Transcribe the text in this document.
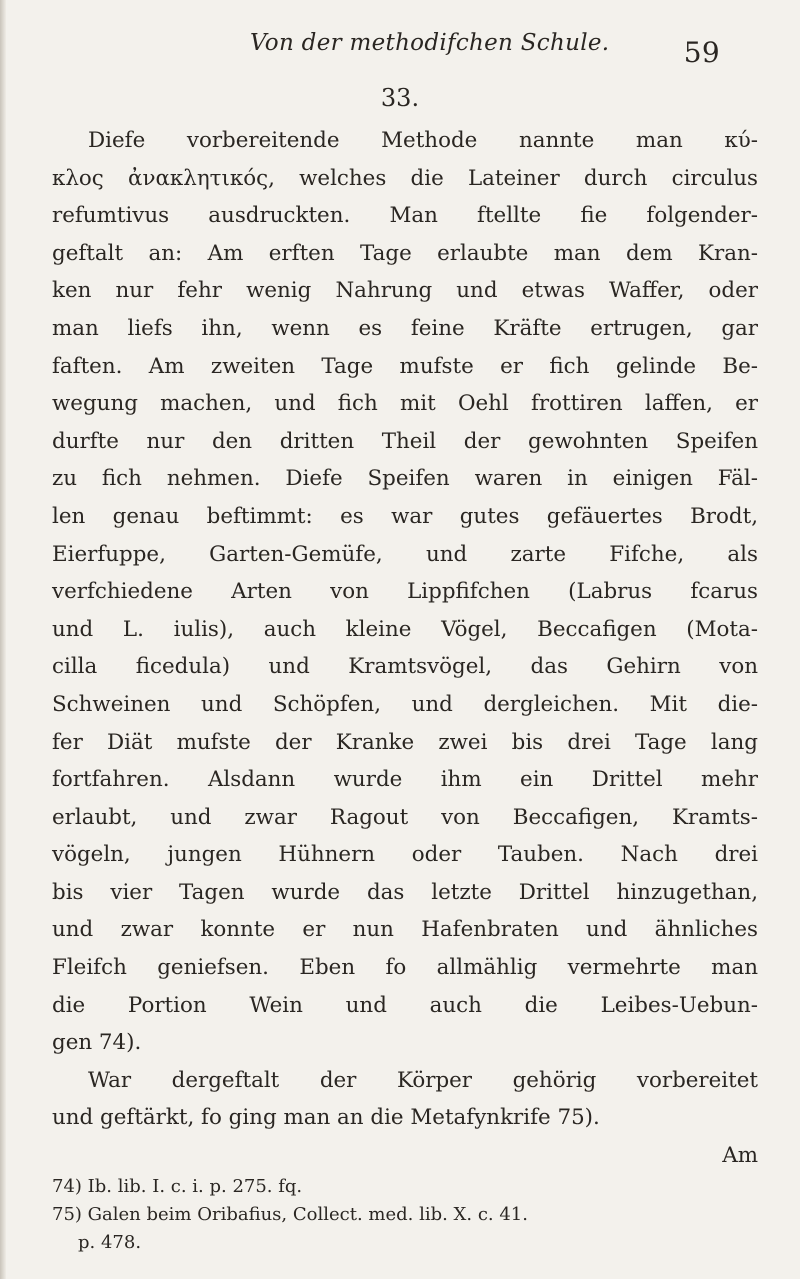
Von der methodifchen Schule.	59
33.
Diefe vorbereitende Methode nannte man κύ-
κλος ἀνακλητικός, welches die Lateiner durch circulus
refumtivus ausdruckten. Man ftellte fie folgender-
geftalt an: Am erften Tage erlaubte man dem Kran-
ken nur fehr wenig Nahrung und etwas Waffer, oder
man liefs ihn, wenn es feine Kräfte ertrugen, gar
faften. Am zweiten Tage mufste er fich gelinde Be-
wegung machen, und fich mit Oehl frottiren laffen, er
durfte nur den dritten Theil der gewohnten Speifen
zu fich nehmen. Diefe Speifen waren in einigen Fäl-
len genau beftimmt: es war gutes gefäuertes Brodt,
Eierfuppe, Garten-Gemüfe, und zarte Fifche, als
verfchiedene Arten von Lippfifchen (Labrus fcarus
und L. iulis), auch kleine Vögel, Beccafigen (Mota-
cilla ficedula) und Kramtsvögel, das Gehirn von
Schweinen und Schöpfen, und dergleichen. Mit die-
fer Diät mufste der Kranke zwei bis drei Tage lang
fortfahren. Alsdann wurde ihm ein Drittel mehr
erlaubt, und zwar Ragout von Beccafigen, Kramts-
vögeln, jungen Hühnern oder Tauben. Nach drei
bis vier Tagen wurde das letzte Drittel hinzugethan,
und zwar konnte er nun Hafenbraten und ähnliches
Fleifch geniefsen. Eben fo allmählig vermehrte man
die Portion Wein und auch die Leibes-Uebun-
gen 74).
War dergeftalt der Körper gehörig vorbereitet
und geftärkt, fo ging man an die Metafynkrife 75).
Am
74) Ib. lib. I. c. i. p. 275. fq.
75) Galen beim Oribafius, Collect. med. lib. X. c. 41.
p. 478.
